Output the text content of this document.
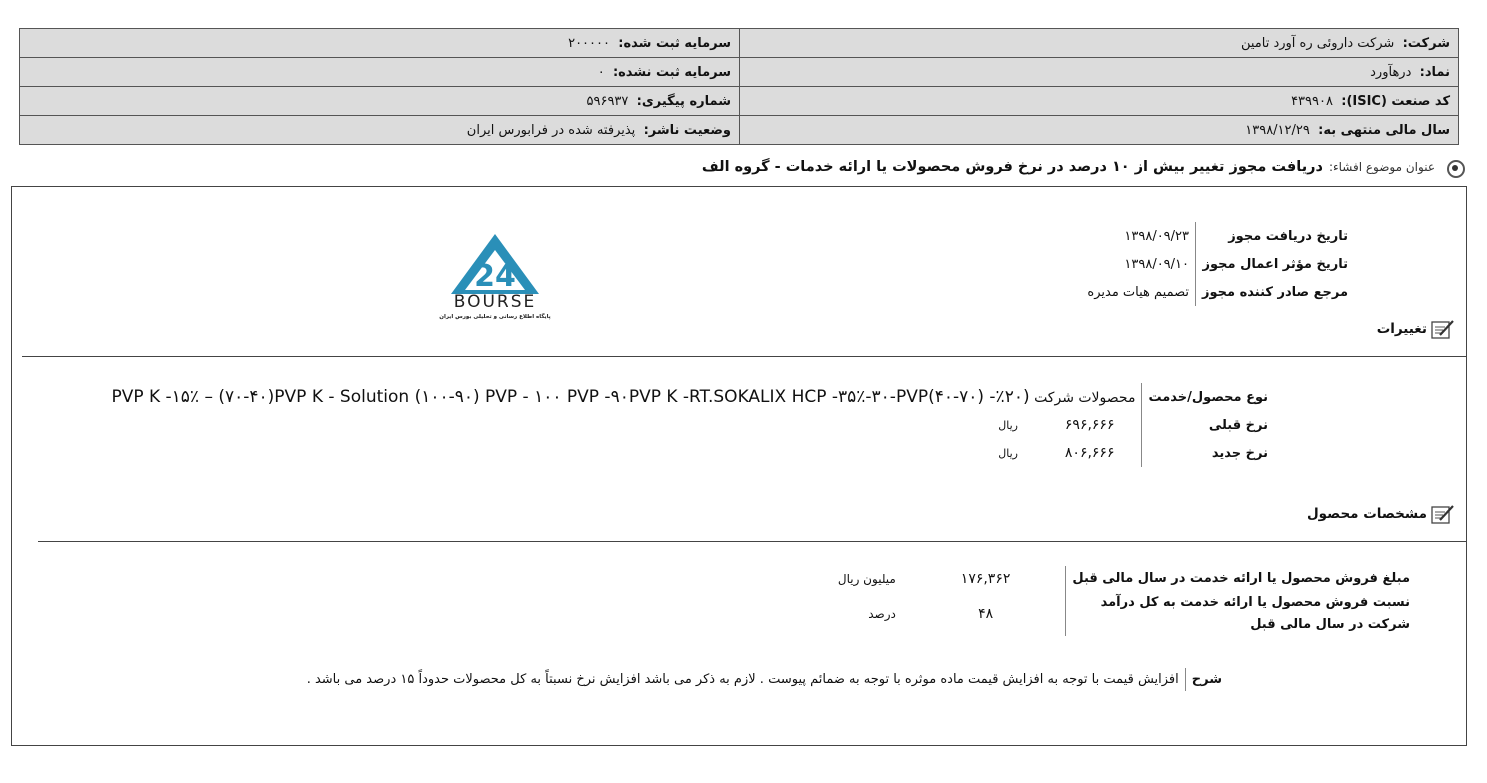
شرکت:  شرکت داروئی ره آورد تامین	سرمایه ثبت شده:  ۲۰۰۰۰۰
نماد:  درهآورد	سرمایه ثبت نشده:  ۰
کد صنعت (ISIC):  ۴۳۹۹۰۸	شماره پیگیری:  ۵۹۶۹۳۷
سال مالی منتهی به:  ۱۳۹۸/۱۲/۲۹	وضعیت ناشر:  پذیرفته شده در فرابورس ایران
عنوان موضوع افشاء:
دریافت مجوز تغییر بیش از ۱۰ درصد در نرخ فروش محصولات یا ارائه خدمات - گروه الف
تاریخ دریافت مجوز	۱۳۹۸/۰۹/۲۳
تاریخ مؤثر اعمال مجوز	۱۳۹۸/۰۹/۱۰
مرجع صادر کننده مجوز	تصمیم هیات مدیره
24
BOURSE
پایگاه اطلاع رسانی و تحلیلی بورس ایران
تغییرات
نوع محصول/خدمت	محصولات شرکت (۲۰٪- (۷۰-۴۰)PVP K -۱۵٪ – (۷۰-۴۰)PVP K - Solution (۱۰۰-۹۰) PVP - ۱۰۰ PVP -۹۰PVP K -RT.SOKALIX HCP -۳۵٪-۳۰-PVP	
نرخ قبلی	۶۹۶,۶۶۶	ریال
نرخ جدید	۸۰۶,۶۶۶	ریال
مشخصات محصول
مبلغ فروش محصول یا ارائه خدمت در سال مالی قبل	۱۷۶,۳۶۲	میلیون ریال

نسبت فروش محصول یا ارائه خدمت به کل درآمد
شرکت در سال مالی قبل	۴۸	درصد
شرح
افزایش قیمت با توجه به افزایش قیمت ماده موثره با توجه به ضمائم پیوست . لازم به ذکر می باشد افزایش نرخ نسبتاً به کل محصولات حدوداً ۱۵ درصد می باشد .
